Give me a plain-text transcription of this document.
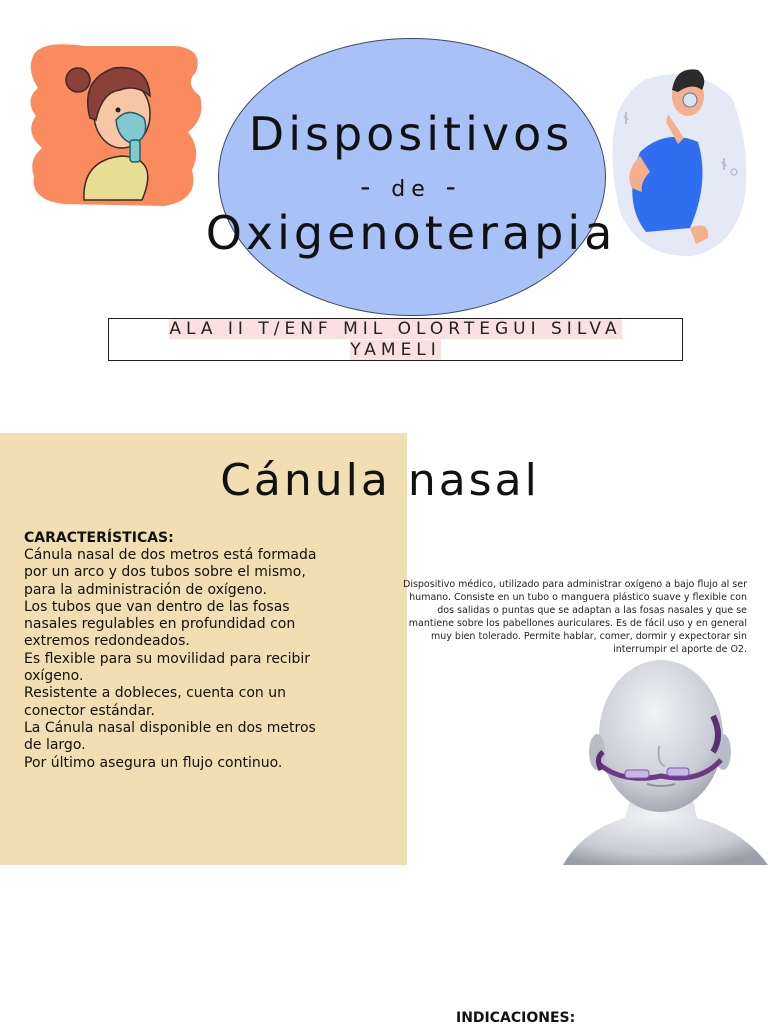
Dispositivos
- de -
Oxigenoterapia
ALA II T/ENF MIL OLORTEGUI SILVA
YAMELI
Cánula nasal
CARACTERÍSTICAS:
Cánula nasal de dos metros está formada
por un arco y dos tubos sobre el mismo,
para la administración de oxígeno.
Los tubos que van dentro de las fosas
nasales regulables en profundidad con
extremos redondeados.
Es flexible para su movilidad para recibir
oxígeno.
Resistente a dobleces, cuenta con un
conector estándar.
La Cánula nasal disponible en dos metros
de largo.
Por último asegura un flujo continuo.
Dispositivo médico, utilizado para administrar oxígeno a bajo flujo al ser
humano. Consiste en un tubo o manguera plástico suave y flexible con
dos salidas o puntas que se adaptan a las fosas nasales y que se
mantiene sobre los pabellones auriculares. Es de fácil uso y en general
muy bien tolerado. Permite hablar, comer, dormir y expectorar sin
interrumpir el aporte de O2.
INDICACIONES:
